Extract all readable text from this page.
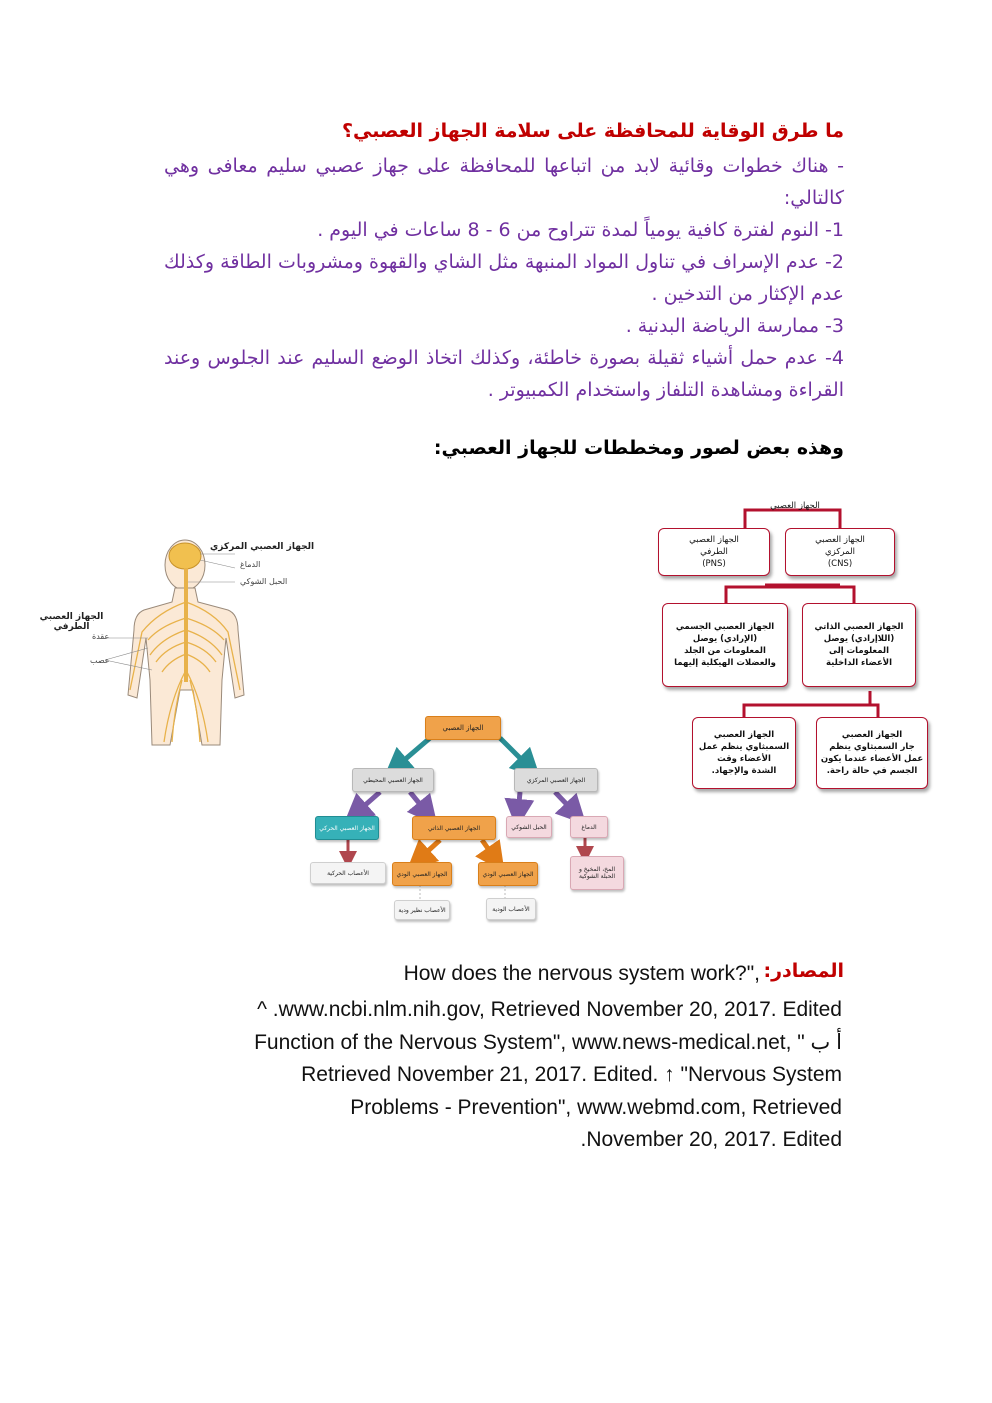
ما طرق الوقاية للمحافظة على سلامة الجهاز العصبي؟

- هناك خطوات وقائية لابد من اتباعها للمحافظة على جهاز عصبي سليم معافى وهي كالتالي:

1- النوم لفترة كافية يومياً لمدة تتراوح من 6 - 8 ساعات في اليوم .

2- عدم الإسراف في تناول المواد المنبهة مثل الشاي والقهوة ومشروبات الطاقة وكذلك عدم الإكثار من التدخين .

3- ممارسة الرياضة البدنية .

4- عدم حمل أشياء ثقيلة بصورة خاطئة، وكذلك اتخاذ الوضع السليم عند الجلوس وعند القراءة ومشاهدة التلفاز واستخدام الكمبيوتر .

وهذه بعض لصور ومخططات للجهاز العصبي:
الجهاز العصبي المركزي
الدماغ
الحبل الشوكي
الجهاز العصبي الطرفي
عقدة
عصب
الجهاز العصبي
الجهاز العصبي
المركزي
(CNS)
الجهاز العصبي
الطرفي
(PNS)
الجهاز العصبي الجسمي
(الإرادي) يوصل
المعلومات من الجلد
والعضلات الهيكلية إليهما
الجهاز العصبي الذاتي
(اللاإرادي) يوصل
المعلومات إلى
الأعضاء الداخلية
الجهاز العصبي
السمبثاوي ينظم عمل
الأعضاء وقت
الشدة والإجهاد.
الجهاز العصبي
جار السمبثاوي ينظم
عمل الأعضاء عندما يكون
الجسم في حالة راحة.
الجهاز العصبي
الجهاز العصبي المحيطي	الجهاز العصبي المركزي
الجهاز العصبي الحركي	الجهاز العصبي الذاتي	الحبل الشوكي	الدماغ
الأعصاب الحركية	الجهاز العصبي الودي	الجهاز العصبي الودي
المخ، المخيخ و الحبلة الشوكية
الأعصاب نظير ودية	الأعصاب الودية
المصادر:
How does the nervous system work?",
^ .www.ncbi.nlm.nih.gov, Retrieved November 20, 2017. Edited
Function of the Nervous System", www.news-medical.net, " أ ب
Retrieved November 21, 2017. Edited. ↑ "Nervous System
Problems - Prevention", www.webmd.com, Retrieved
.November 20, 2017. Edited
